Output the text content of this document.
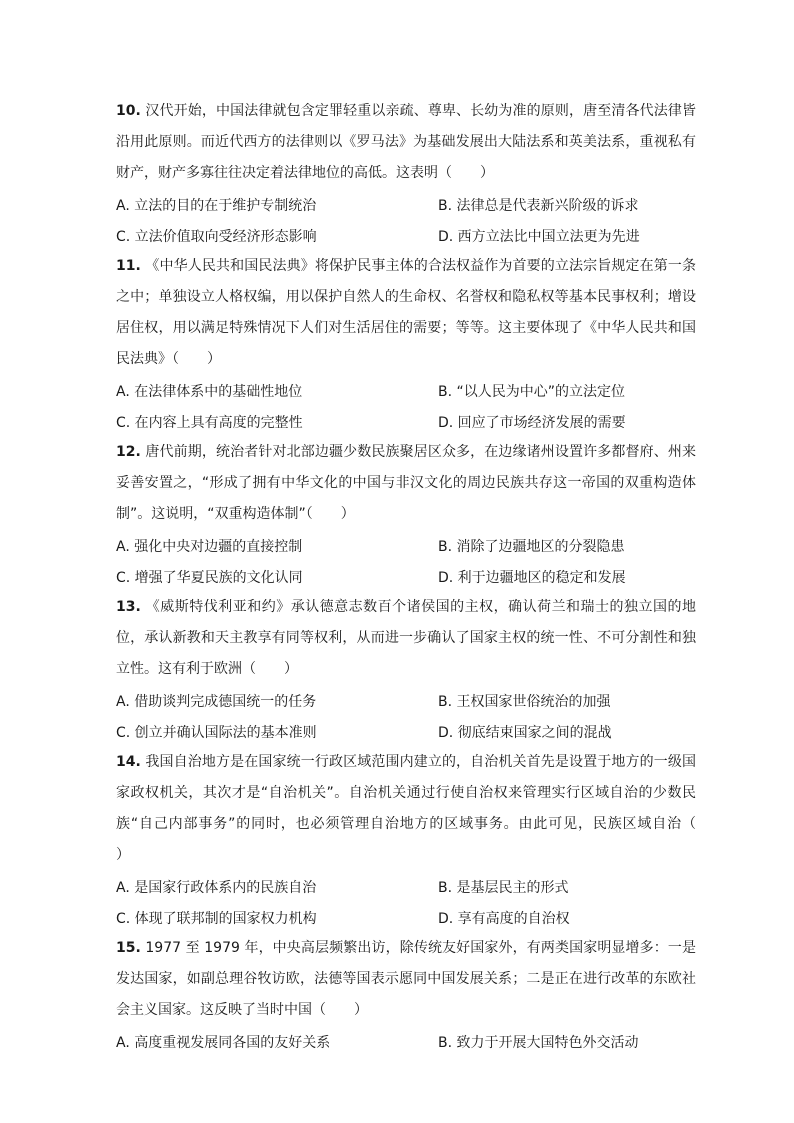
10. 汉代开始，中国法律就包含定罪轻重以亲疏、尊卑、长幼为准的原则，唐至清各代法律皆沿用此原则。而近代西方的法律则以《罗马法》为基础发展出大陆法系和英美法系，重视私有财产，财产多寡往往决定着法律地位的高低。这表明（　　）

A. 立法的目的在于维护专制统治	B. 法律总是代表新兴阶级的诉求
C. 立法价值取向受经济形态影响	D. 西方立法比中国立法更为先进

11. 《中华人民共和国民法典》将保护民事主体的合法权益作为首要的立法宗旨规定在第一条之中；单独设立人格权编，用以保护自然人的生命权、名誉权和隐私权等基本民事权利；增设居住权，用以满足特殊情况下人们对生活居住的需要；等等。这主要体现了《中华人民共和国民法典》（　　）

A. 在法律体系中的基础性地位	B. “以人民为中心”的立法定位
C. 在内容上具有高度的完整性	D. 回应了市场经济发展的需要

12. 唐代前期，统治者针对北部边疆少数民族聚居区众多，在边缘诸州设置许多都督府、州来妥善安置之，“形成了拥有中华文化的中国与非汉文化的周边民族共存这一帝国的双重构造体制”。这说明，“双重构造体制”（　　）

A. 强化中央对边疆的直接控制	B. 消除了边疆地区的分裂隐患
C. 增强了华夏民族的文化认同	D. 利于边疆地区的稳定和发展

13. 《威斯特伐利亚和约》承认德意志数百个诸侯国的主权，确认荷兰和瑞士的独立国的地位，承认新教和天主教享有同等权利，从而进一步确认了国家主权的统一性、不可分割性和独立性。这有利于欧洲（　　）

A. 借助谈判完成德国统一的任务	B. 王权国家世俗统治的加强
C. 创立并确认国际法的基本准则	D. 彻底结束国家之间的混战

14. 我国自治地方是在国家统一行政区域范围内建立的，自治机关首先是设置于地方的一级国家政权机关，其次才是“自治机关”。自治机关通过行使自治权来管理实行区域自治的少数民族“自己内部事务”的同时，也必须管理自治地方的区域事务。由此可见，民族区域自治（　　）

A. 是国家行政体系内的民族自治	B. 是基层民主的形式
C. 体现了联邦制的国家权力机构	D. 享有高度的自治权

15. 1977 至 1979 年，中央高层频繁出访，除传统友好国家外，有两类国家明显增多：一是发达国家，如副总理谷牧访欧，法德等国表示愿同中国发展关系；二是正在进行改革的东欧社会主义国家。这反映了当时中国（　　）

A. 高度重视发展同各国的友好关系	B. 致力于开展大国特色外交活动
